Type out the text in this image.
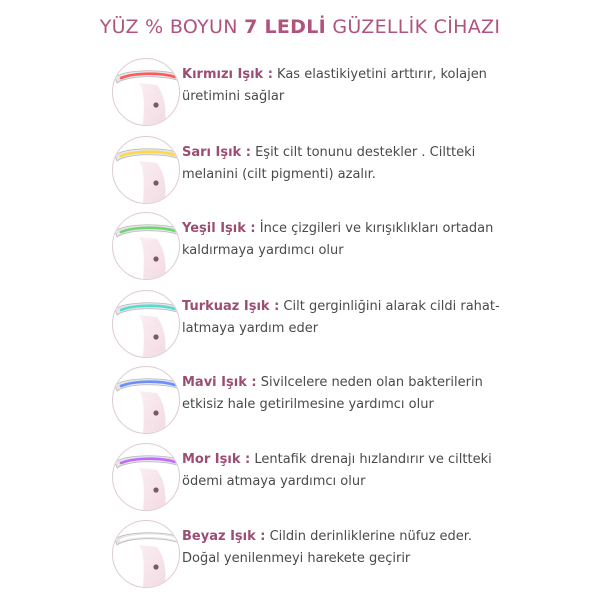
YÜZ % BOYUN 7 LEDLİ GÜZELLİK CİHAZI
Kırmızı Işık : Kas elastikiyetini arttırır, kolajen
üretimini sağlar
Sarı Işık : Eşit cilt tonunu destekler . Ciltteki
melanini (cilt pigmenti) azalır.
Yeşil Işık : İnce çizgileri ve kırışıklıkları ortadan
kaldırmaya yardımcı olur
Turkuaz Işık : Cilt gerginliğini alarak cildi rahat-
latmaya yardım eder
Mavi Işık : Sivilcelere neden olan bakterilerin
etkisiz hale getirilmesine yardımcı olur
Mor Işık : Lentafik drenajı hızlandırır ve ciltteki
ödemi atmaya yardımcı olur
Beyaz Işık : Cildin derinliklerine nüfuz eder.
Doğal yenilenmeyi harekete geçirir
